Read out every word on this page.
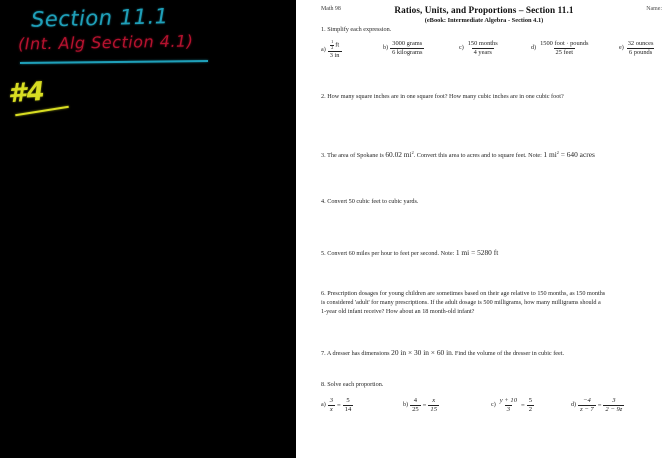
Section 11.1
(Int. Alg Section 4.1)
#4
Math 98	Ratios, Units, and Proportions – Section 11.1
(eBook: Intermediate Algebra - Section 4.1)
Name:
1. Simplify each expression.
$a) \frac{\frac{1}{2} ft}{3 in}$	$b) \frac{\text{3000 grams}}{\text{6 kilograms}}$	$c) \frac{\text{150 months}}{\text{4 years}}$	$d) \frac{\text{1500 foot · pounds}}{\text{25 feet}}$	$e) \frac{\text{32 ounces}}{\text{6 pounds}}$
2. How many square inches are in one square foot? How many cubic inches are in one cubic foot?
3. The area of Spokane is 60.02 $mi^2$. Convert this area to acres and to square feet. Note: 1 $mi^2 = 640$ acres
4. Convert 50 cubic feet to cubic yards.
5. Convert 60 miles per hour to feet per second. Note: 1 mi = 5280 ft
6. Prescription dosages for young children are sometimes based on their age relative to 150 months, as 150 months
is considered 'adult' for many prescriptions. If the adult dosage is 500 milligrams, how many milligrams should a
1-year old infant receive? How about an 18 month-old infant?
7. A dresser has dimensions 20 in × 30 in × 60 in. Find the volume of the dresser in cubic feet.
8. Solve each proportion.
$a) \frac{3}{x} = \frac{5}{14}$	$b) \frac{4}{25} = \frac{x}{15}$	$c) \frac{y + 10}{3} = \frac{5}{2}$	$d) \frac{-4}{z - 7} = \frac{3}{2 - 9z}$
